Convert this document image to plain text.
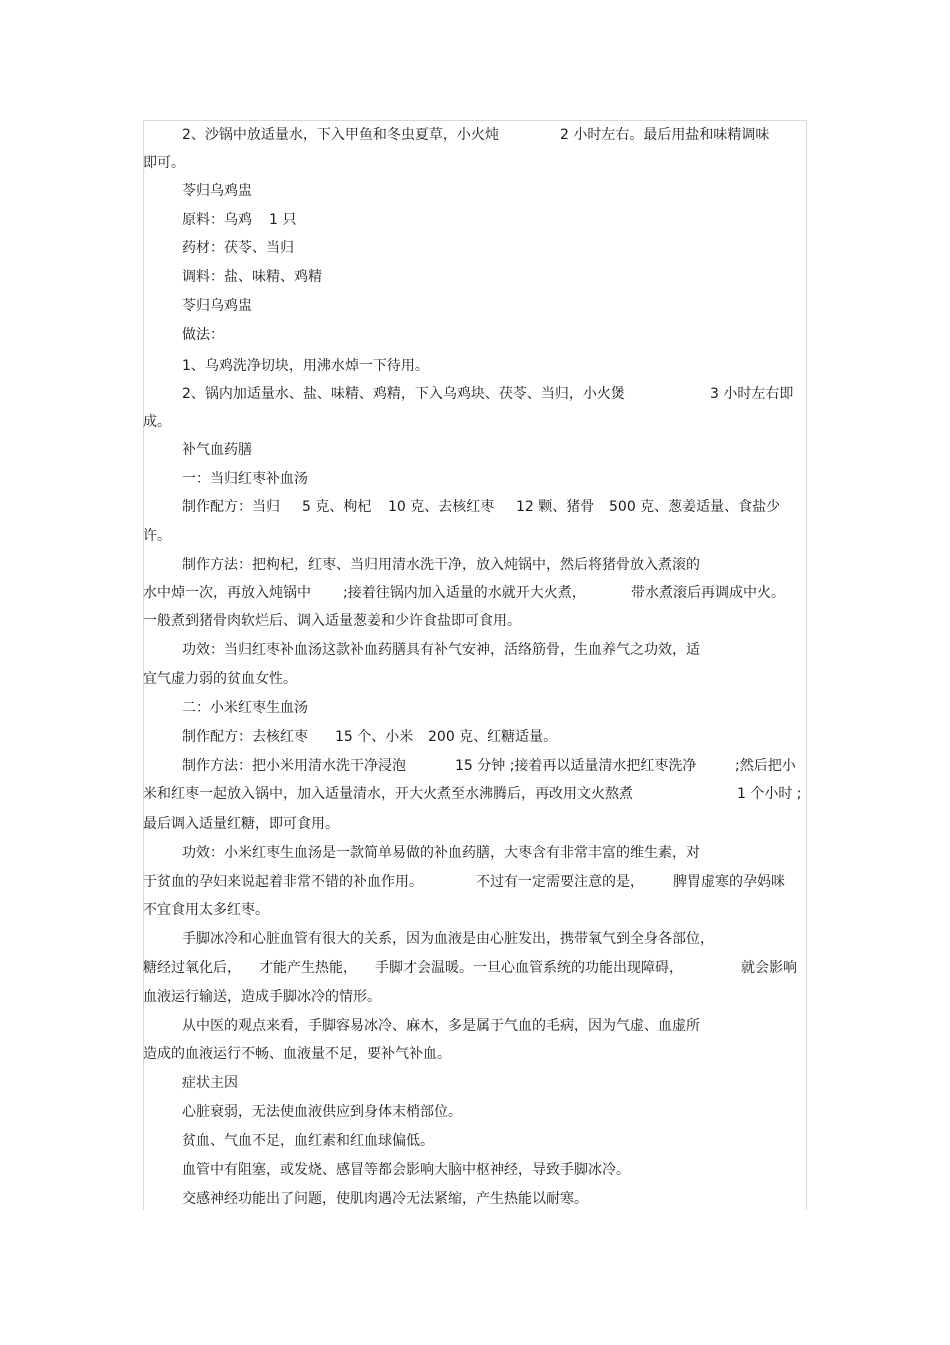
2、沙锅中放适量水，下入甲鱼和冬虫夏草，小火炖	2 小时左右。最后用盐和味精调味
即可。
苓归乌鸡盅
原料：乌鸡 1 只
药材：茯苓、当归
调料：盐、味精、鸡精
苓归乌鸡盅
做法：
1、乌鸡洗净切块，用沸水焯一下待用。
2、锅内加适量水、盐、味精、鸡精，下入乌鸡块、茯苓、当归，小火煲	3 小时左右即
成。
补气血药膳
一：当归红枣补血汤
制作配方：当归 5 克、枸杞 10 克、去核红枣 12 颗、猪骨 500 克、葱姜适量、食盐少
许。
制作方法：把枸杞，红枣、当归用清水洗干净，放入炖锅中，然后将猪骨放入煮滚的
水中焯一次，再放入炖锅中 ;接着往锅内加入适量的水就开大火煮，	带水煮滚后再调成中火。
一般煮到猪骨肉软烂后、调入适量葱姜和少许食盐即可食用。
功效：当归红枣补血汤这款补血药膳具有补气安神，活络筋骨，生血养气之功效，适
宜气虚力弱的贫血女性。
二：小米红枣生血汤
制作配方：去核红枣 15 个、小米 200 克、红糖适量。
制作方法：把小米用清水洗干净浸泡	15 分钟 ;接着再以适量清水把红枣洗净	;然后把小
米和红枣一起放入锅中，加入适量清水，开大火煮至水沸腾后，再改用文火熬煮	1 个小时 ;
最后调入适量红糖，即可食用。
功效：小米红枣生血汤是一款简单易做的补血药膳，大枣含有非常丰富的维生素，对
于贫血的孕妇来说起着非常不错的补血作用。	不过有一定需要注意的是， 脾胃虚寒的孕妈咪
不宜食用太多红枣。
手脚冰冷和心脏血管有很大的关系，因为血液是由心脏发出，携带氧气到全身各部位，
糖经过氧化后， 才能产生热能， 手脚才会温暖。一旦心血管系统的功能出现障碍，	就会影响
血液运行输送，造成手脚冰冷的情形。
从中医的观点来看，手脚容易冰冷、麻木，多是属于气血的毛病，因为气虚、血虚所
造成的血液运行不畅、血液量不足，要补气补血。
症状主因
心脏衰弱，无法使血液供应到身体末梢部位。
贫血、气血不足，血红素和红血球偏低。
血管中有阻塞，或发烧、感冒等都会影响大脑中枢神经，导致手脚冰冷。
交感神经功能出了问题，使肌肉遇冷无法紧缩，产生热能以耐寒。
